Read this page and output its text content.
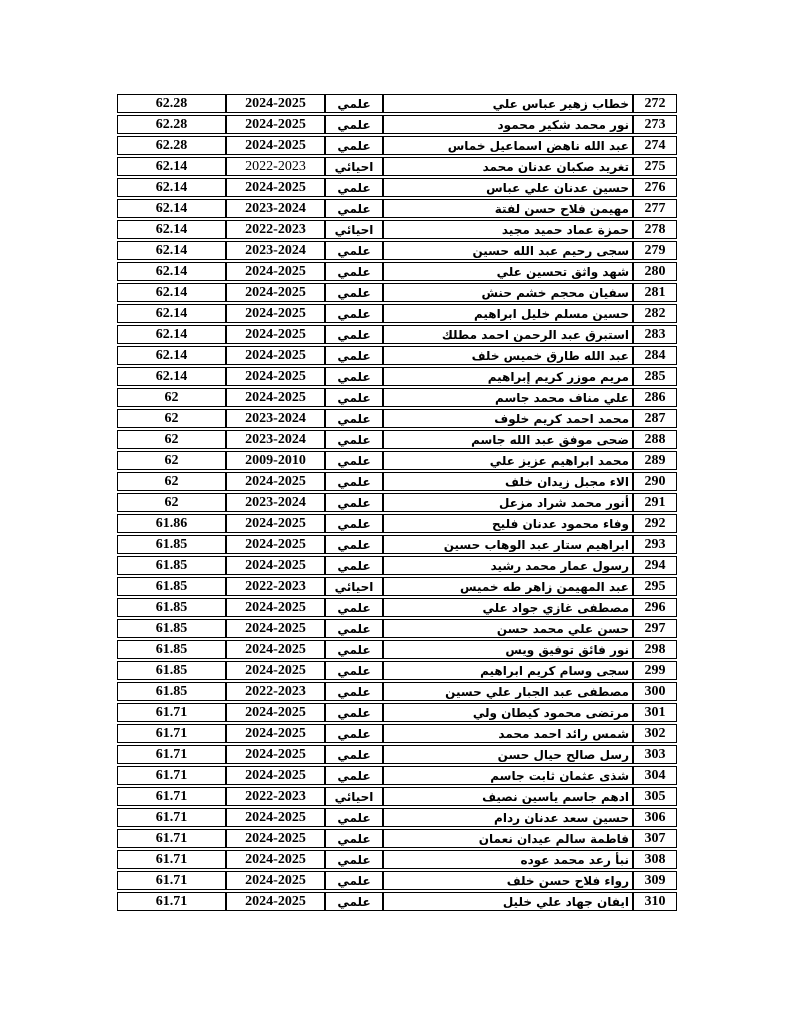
62.28	2024-2025	علمي	خطاب زهير عباس علي	272
62.28	2024-2025	علمي	نور محمد شكير محمود	273
62.28	2024-2025	علمي	عبد الله ناهض اسماعيل خماس	274
62.14	2022-2023	احيائي	تغريد صكبان عدنان محمد	275
62.14	2024-2025	علمي	حسين عدنان علي عباس	276
62.14	2023-2024	علمي	مهيمن فلاح حسن لفتة	277
62.14	2022-2023	احيائي	حمزة عماد حميد مجيد	278
62.14	2023-2024	علمي	سجى رحيم عبد الله حسين	279
62.14	2024-2025	علمي	شهد واثق تحسين علي	280
62.14	2024-2025	علمي	سفيان محجم خشم حنش	281
62.14	2024-2025	علمي	حسين مسلم خليل ابراهيم	282
62.14	2024-2025	علمي	استبرق عبد الرحمن احمد مطلك	283
62.14	2024-2025	علمي	عبد الله طارق خميس خلف	284
62.14	2024-2025	علمي	مريم موزر كريم إبراهيم	285
62	2024-2025	علمي	علي مناف محمد جاسم	286
62	2023-2024	علمي	محمد احمد كريم خلوف	287
62	2023-2024	علمي	ضحى موفق عبد الله جاسم	288
62	2009-2010	علمي	محمد ابراهيم عزيز علي	289
62	2024-2025	علمي	الاء مجبل زيدان خلف	290
62	2023-2024	علمي	أنور محمد شراد مزعل	291
61.86	2024-2025	علمي	وفاء محمود عدنان فليح	292
61.85	2024-2025	علمي	ابراهيم ستار عبد الوهاب حسين	293
61.85	2024-2025	علمي	رسول عمار محمد رشيد	294
61.85	2022-2023	احيائي	عبد المهيمن زاهر طه خميس	295
61.85	2024-2025	علمي	مصطفى غازي جواد علي	296
61.85	2024-2025	علمي	حسن علي محمد حسن	297
61.85	2024-2025	علمي	نور فائق توفيق ويس	298
61.85	2024-2025	علمي	سجى وسام كريم ابراهيم	299
61.85	2022-2023	علمي	مصطفى عبد الجبار علي حسين	300
61.71	2024-2025	علمي	مرتضى محمود كيطان ولي	301
61.71	2024-2025	علمي	شمس رائد احمد محمد	302
61.71	2024-2025	علمي	رسل صالح حيال حسن	303
61.71	2024-2025	علمي	شذى عثمان ثابت جاسم	304
61.71	2022-2023	احيائي	ادهم جاسم ياسين نصيف	305
61.71	2024-2025	علمي	حسين سعد عدنان ردام	306
61.71	2024-2025	علمي	فاطمة سالم عيدان نعمان	307
61.71	2024-2025	علمي	نبأ رعد محمد عوده	308
61.71	2024-2025	علمي	رواء فلاح حسن خلف	309
61.71	2024-2025	علمي	ايفان جهاد علي خليل	310
